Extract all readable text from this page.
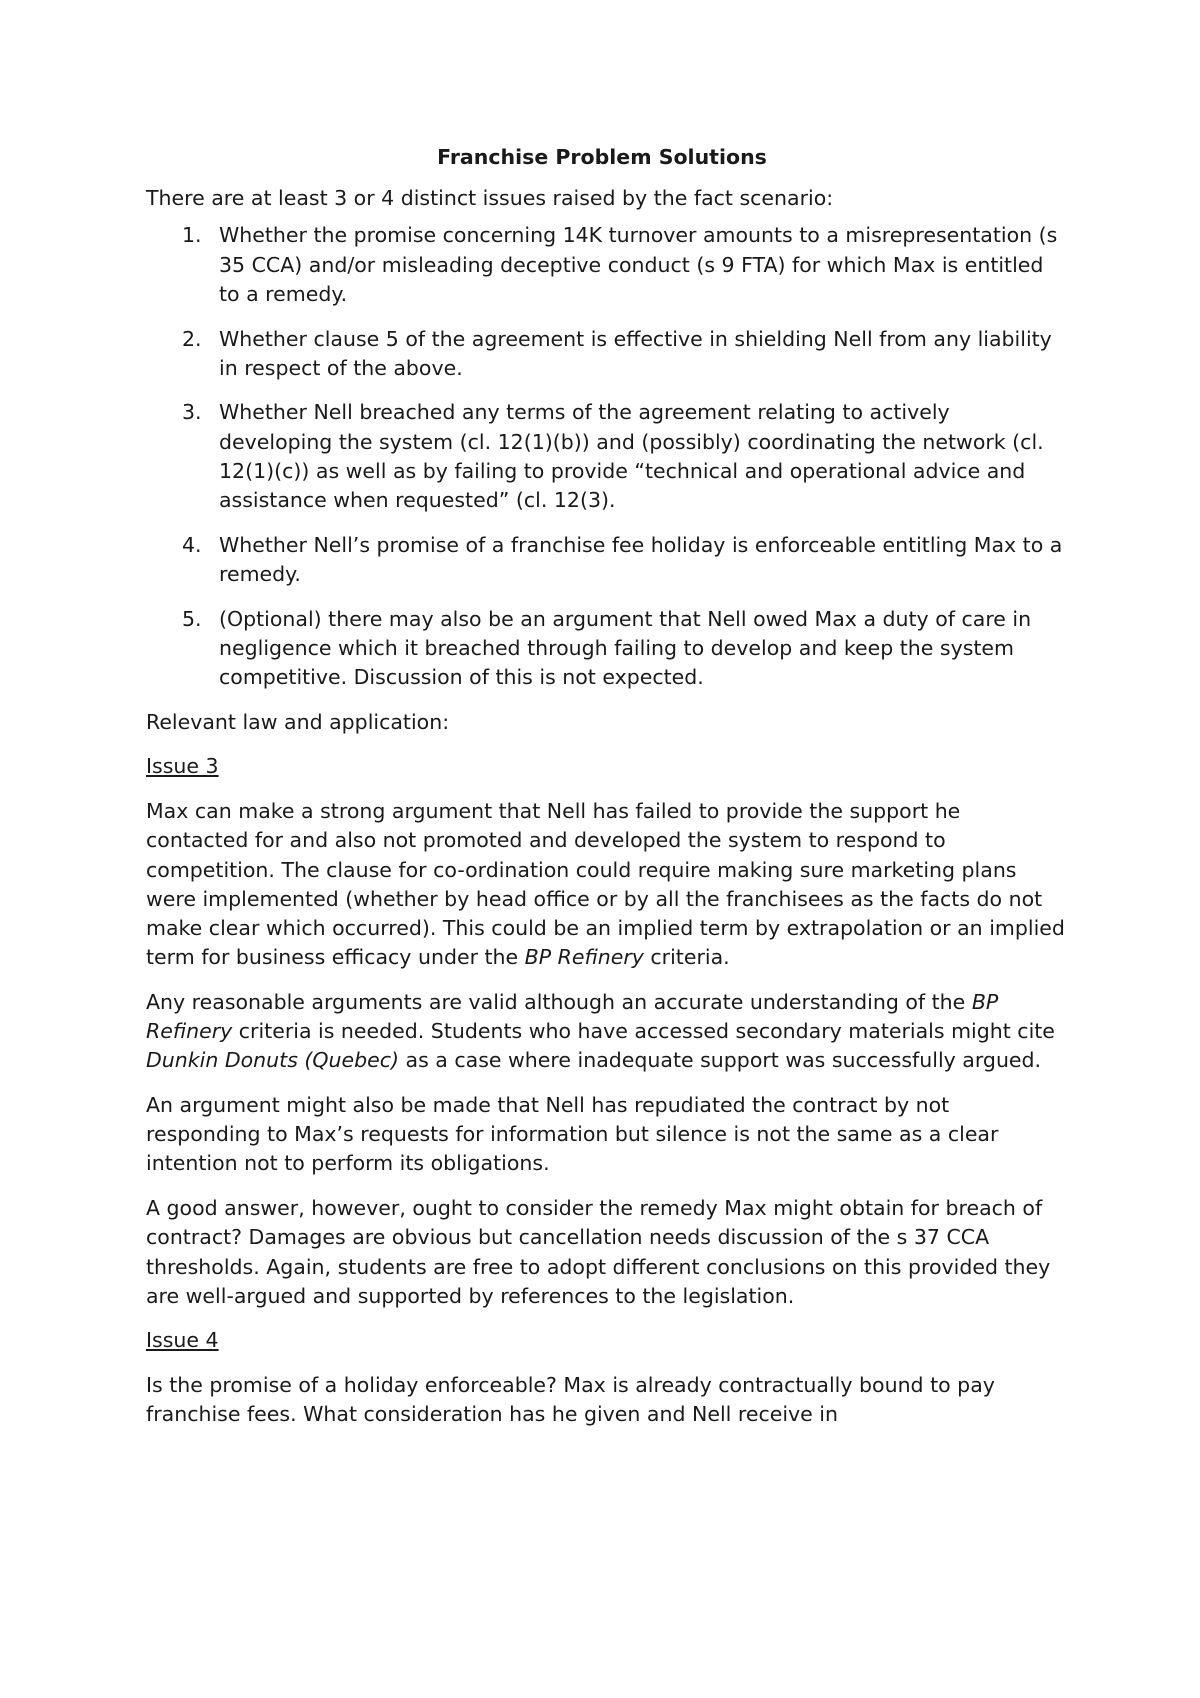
Franchise Problem Solutions

There are at least 3 or 4 distinct issues raised by the fact scenario:

1. Whether the promise concerning 14K turnover amounts to a misrepresentation (s 35 CCA) and/or misleading deceptive conduct (s 9 FTA) for which Max is entitled to a remedy.
2. Whether clause 5 of the agreement is effective in shielding Nell from any liability in respect of the above.
3. Whether Nell breached any terms of the agreement relating to actively developing the system (cl. 12(1)(b)) and (possibly) coordinating the network (cl. 12(1)(c)) as well as by failing to provide “technical and operational advice and assistance when requested” (cl. 12(3).
4. Whether Nell’s promise of a franchise fee holiday is enforceable entitling Max to a remedy.
5. (Optional) there may also be an argument that Nell owed Max a duty of care in negligence which it breached through failing to develop and keep the system competitive. Discussion of this is not expected.

Relevant law and application:

Issue 3

Max can make a strong argument that Nell has failed to provide the support he contacted for and also not promoted and developed the system to respond to competition. The clause for co-ordination could require making sure marketing plans were implemented (whether by head office or by all the franchisees as the facts do not make clear which occurred). This could be an implied term by extrapolation or an implied term for business efficacy under the BP Refinery criteria.

Any reasonable arguments are valid although an accurate understanding of the BP Refinery criteria is needed. Students who have accessed secondary materials might cite Dunkin Donuts (Quebec) as a case where inadequate support was successfully argued.

An argument might also be made that Nell has repudiated the contract by not responding to Max’s requests for information but silence is not the same as a clear intention not to perform its obligations.

A good answer, however, ought to consider the remedy Max might obtain for breach of contract? Damages are obvious but cancellation needs discussion of the s 37 CCA thresholds. Again, students are free to adopt different conclusions on this provided they are well-argued and supported by references to the legislation.

Issue 4

Is the promise of a holiday enforceable? Max is already contractually bound to pay franchise fees. What consideration has he given and Nell receive in
